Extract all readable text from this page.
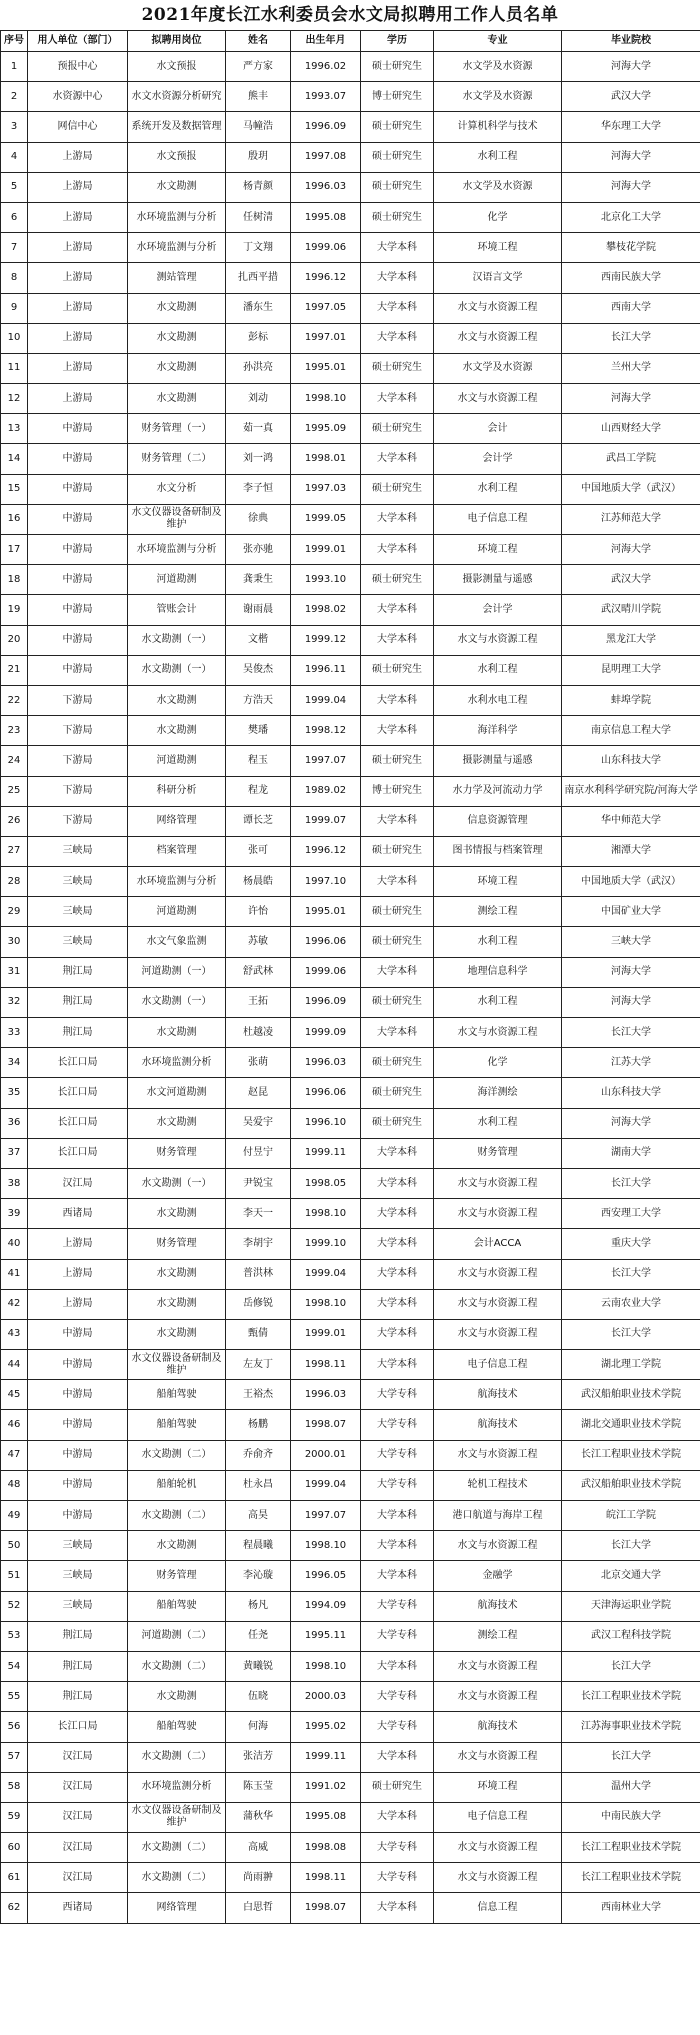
2021年度长江水利委员会水文局拟聘用工作人员名单
序号	用人单位（部门）	拟聘用岗位	姓名	出生年月	学历	专业	毕业院校
1	预报中心	水文预报	严方家	1996.02	硕士研究生	水文学及水资源	河海大学
2	水资源中心	水文水资源分析研究	熊丰	1993.07	博士研究生	水文学及水资源	武汉大学
3	网信中心	系统开发及数据管理	马幢浩	1996.09	硕士研究生	计算机科学与技术	华东理工大学
4	上游局	水文预报	殷玥	1997.08	硕士研究生	水利工程	河海大学
5	上游局	水文勘测	杨青颜	1996.03	硕士研究生	水文学及水资源	河海大学
6	上游局	水环境监测与分析	任树清	1995.08	硕士研究生	化学	北京化工大学
7	上游局	水环境监测与分析	丁文翔	1999.06	大学本科	环境工程	攀枝花学院
8	上游局	测站管理	扎西平措	1996.12	大学本科	汉语言文学	西南民族大学
9	上游局	水文勘测	潘东生	1997.05	大学本科	水文与水资源工程	西南大学
10	上游局	水文勘测	彭标	1997.01	大学本科	水文与水资源工程	长江大学
11	上游局	水文勘测	孙洪亮	1995.01	硕士研究生	水文学及水资源	兰州大学
12	上游局	水文勘测	刘动	1998.10	大学本科	水文与水资源工程	河海大学
13	中游局	财务管理（一）	茹一真	1995.09	硕士研究生	会计	山西财经大学
14	中游局	财务管理（二）	刘一鸿	1998.01	大学本科	会计学	武昌工学院
15	中游局	水文分析	李子恒	1997.03	硕士研究生	水利工程	中国地质大学（武汉）
16	中游局	水文仪器设备研制及维护	徐典	1999.05	大学本科	电子信息工程	江苏师范大学
17	中游局	水环境监测与分析	张亦驰	1999.01	大学本科	环境工程	河海大学
18	中游局	河道勘测	龚秉生	1993.10	硕士研究生	摄影测量与遥感	武汉大学
19	中游局	管账会计	谢雨晨	1998.02	大学本科	会计学	武汉晴川学院
20	中游局	水文勘测（一）	文楷	1999.12	大学本科	水文与水资源工程	黑龙江大学
21	中游局	水文勘测（一）	吴俊杰	1996.11	硕士研究生	水利工程	昆明理工大学
22	下游局	水文勘测	方浩天	1999.04	大学本科	水利水电工程	蚌埠学院
23	下游局	水文勘测	樊璠	1998.12	大学本科	海洋科学	南京信息工程大学
24	下游局	河道勘测	程玉	1997.07	硕士研究生	摄影测量与遥感	山东科技大学
25	下游局	科研分析	程龙	1989.02	博士研究生	水力学及河流动力学	南京水利科学研究院/河海大学
26	下游局	网络管理	谭长芝	1999.07	大学本科	信息资源管理	华中师范大学
27	三峡局	档案管理	张可	1996.12	硕士研究生	图书情报与档案管理	湘潭大学
28	三峡局	水环境监测与分析	杨晨皓	1997.10	大学本科	环境工程	中国地质大学（武汉）
29	三峡局	河道勘测	许怡	1995.01	硕士研究生	测绘工程	中国矿业大学
30	三峡局	水文气象监测	苏敏	1996.06	硕士研究生	水利工程	三峡大学
31	荆江局	河道勘测（一）	舒武林	1999.06	大学本科	地理信息科学	河海大学
32	荆江局	水文勘测（一）	王拓	1996.09	硕士研究生	水利工程	河海大学
33	荆江局	水文勘测	杜越凌	1999.09	大学本科	水文与水资源工程	长江大学
34	长江口局	水环境监测分析	张萌	1996.03	硕士研究生	化学	江苏大学
35	长江口局	水文河道勘测	赵昆	1996.06	硕士研究生	海洋测绘	山东科技大学
36	长江口局	水文勘测	吴爱宇	1996.10	硕士研究生	水利工程	河海大学
37	长江口局	财务管理	付昱宁	1999.11	大学本科	财务管理	湖南大学
38	汉江局	水文勘测（一）	尹锐宝	1998.05	大学本科	水文与水资源工程	长江大学
39	西诸局	水文勘测	李天一	1998.10	大学本科	水文与水资源工程	西安理工大学
40	上游局	财务管理	李胡宇	1999.10	大学本科	会计ACCA	重庆大学
41	上游局	水文勘测	普洪林	1999.04	大学本科	水文与水资源工程	长江大学
42	上游局	水文勘测	岳修锐	1998.10	大学本科	水文与水资源工程	云南农业大学
43	中游局	水文勘测	甄倩	1999.01	大学本科	水文与水资源工程	长江大学
44	中游局	水文仪器设备研制及维护	左友丁	1998.11	大学本科	电子信息工程	湖北理工学院
45	中游局	船舶驾驶	王裕杰	1996.03	大学专科	航海技术	武汉船舶职业技术学院
46	中游局	船舶驾驶	杨鹏	1998.07	大学专科	航海技术	湖北交通职业技术学院
47	中游局	水文勘测（二）	乔俞齐	2000.01	大学专科	水文与水资源工程	长江工程职业技术学院
48	中游局	船舶轮机	杜永昌	1999.04	大学专科	轮机工程技术	武汉船舶职业技术学院
49	中游局	水文勘测（二）	高昊	1997.07	大学本科	港口航道与海岸工程	皖江工学院
50	三峡局	水文勘测	程晨曦	1998.10	大学本科	水文与水资源工程	长江大学
51	三峡局	财务管理	李沁璇	1996.05	大学本科	金融学	北京交通大学
52	三峡局	船舶驾驶	杨凡	1994.09	大学专科	航海技术	天津海运职业学院
53	荆江局	河道勘测（二）	任尧	1995.11	大学专科	测绘工程	武汉工程科技学院
54	荆江局	水文勘测（二）	黄曦锐	1998.10	大学本科	水文与水资源工程	长江大学
55	荆江局	水文勘测	伍晓	2000.03	大学专科	水文与水资源工程	长江工程职业技术学院
56	长江口局	船舶驾驶	何海	1995.02	大学专科	航海技术	江苏海事职业技术学院
57	汉江局	水文勘测（二）	张洁芳	1999.11	大学本科	水文与水资源工程	长江大学
58	汉江局	水环境监测分析	陈玉莹	1991.02	硕士研究生	环境工程	温州大学
59	汉江局	水文仪器设备研制及维护	蒲秋华	1995.08	大学本科	电子信息工程	中南民族大学
60	汉江局	水文勘测（二）	高威	1998.08	大学专科	水文与水资源工程	长江工程职业技术学院
61	汉江局	水文勘测（二）	尚雨翀	1998.11	大学专科	水文与水资源工程	长江工程职业技术学院
62	西诸局	网络管理	白思哲	1998.07	大学本科	信息工程	西南林业大学
